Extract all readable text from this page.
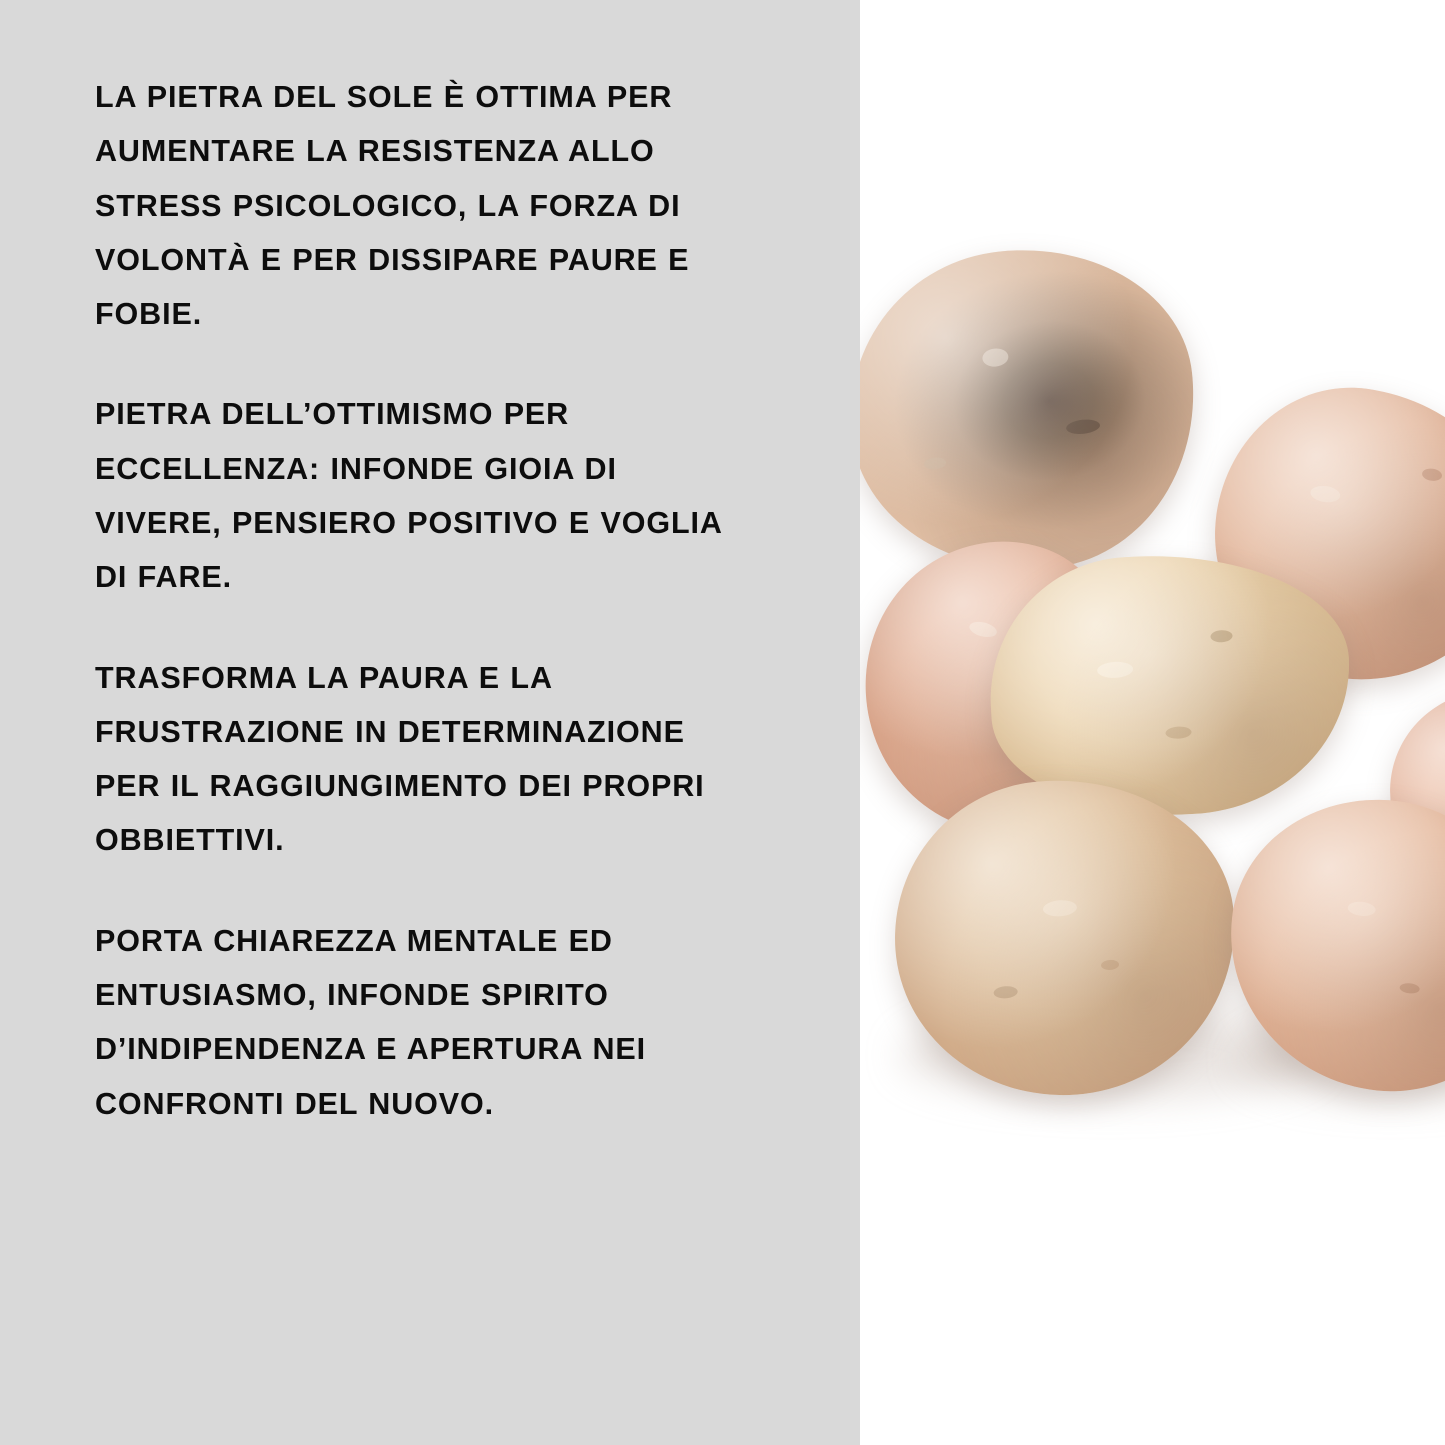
LA PIETRA DEL SOLE È OTTIMA PER AUMENTARE LA RESISTENZA ALLO STRESS PSICOLOGICO, LA FORZA DI VOLONTÀ E PER DISSIPARE PAURE E FOBIE.

PIETRA DELL’OTTIMISMO PER ECCELLENZA: INFONDE GIOIA DI VIVERE, PENSIERO POSITIVO E VOGLIA DI FARE.

TRASFORMA LA PAURA E LA FRUSTRAZIONE IN DETERMINAZIONE PER IL RAGGIUNGIMENTO DEI PROPRI OBBIETTIVI.

PORTA CHIAREZZA MENTALE ED ENTUSIASMO, INFONDE SPIRITO D’INDIPENDENZA E APERTURA NEI CONFRONTI DEL NUOVO.
